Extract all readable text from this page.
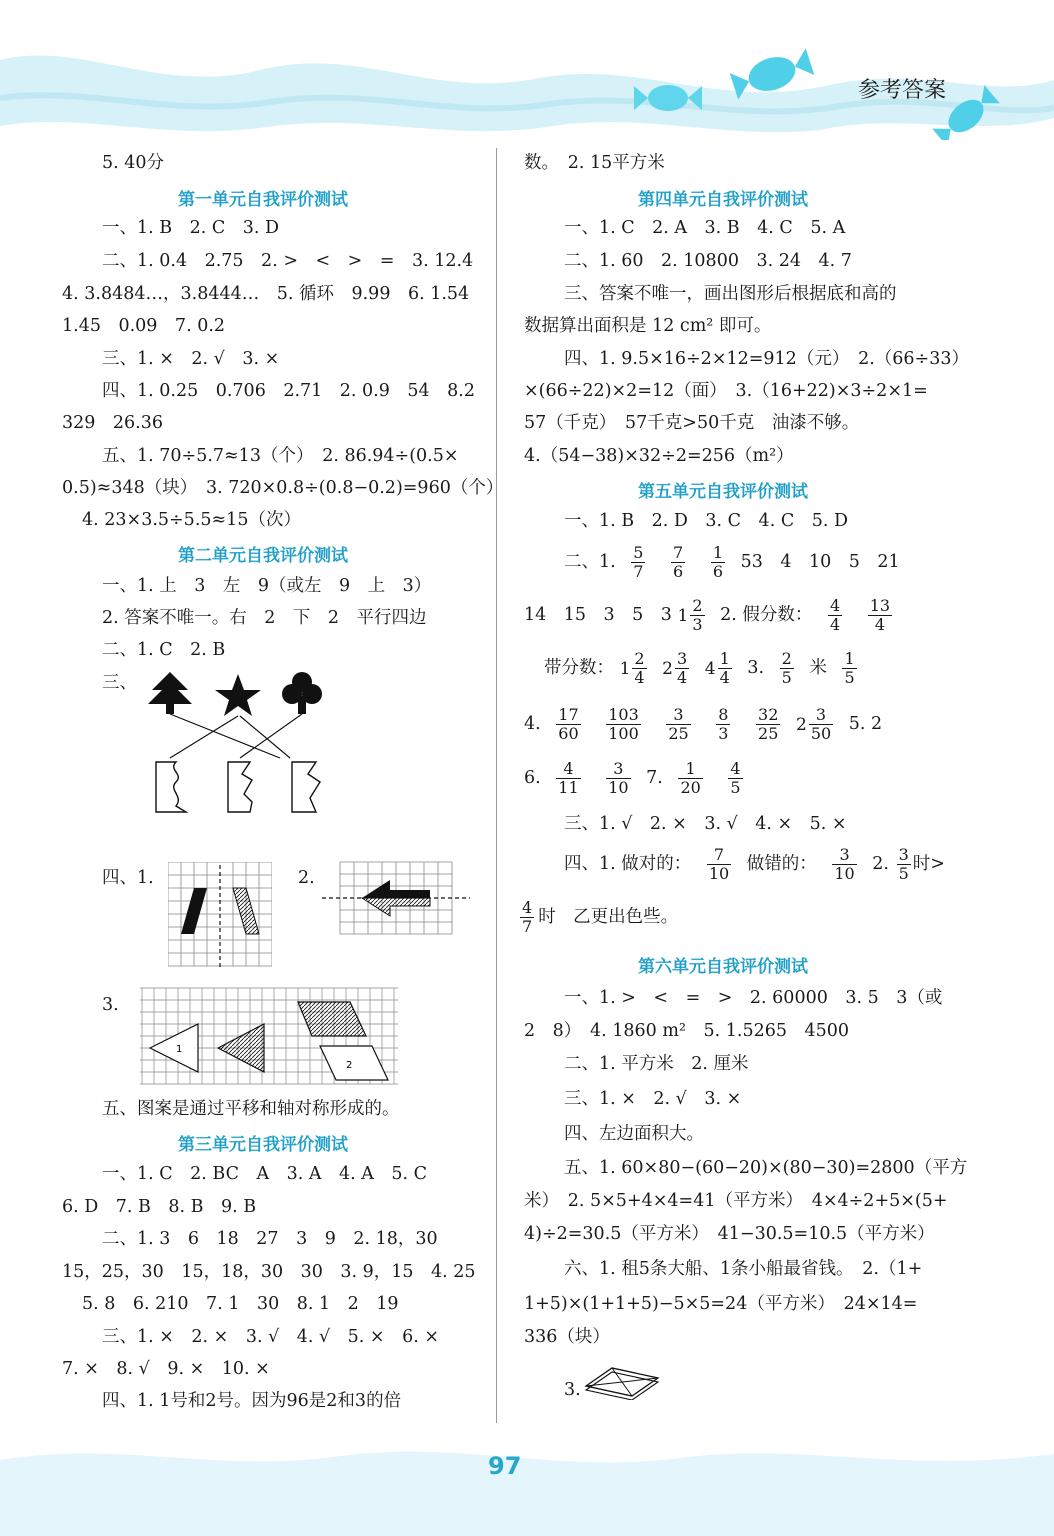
参考答案
5. 40分
第一单元自我评价测试
一、1. B　2. C　3. D
二、1. 0.4　2.75　2. >　<　>　=　3. 12.4
4. 3.8484…，3.8444…　5. 循环　9.99　6. 1.54
1.45　0.09　7. 0.2
三、1. ×　2. √　3. ×
四、1. 0.25　0.706　2.71　2. 0.9　54　8.2
329　26.36
五、1. 70÷5.7≈13（个）　2. 86.94÷(0.5×
0.5)≈348（块）　3. 720×0.8÷(0.8−0.2)=960（个）
4. 23×3.5÷5.5≈15（次）
第二单元自我评价测试
一、1. 上　3　左　9（或左　9　上　3）
2. 答案不唯一。右　2　下　2　平行四边
二、1. C　2. B
三、
四、1.	2.
3.
1
2
五、图案是通过平移和轴对称形成的。
第三单元自我评价测试
一、1. C　2. BC　A　3. A　4. A　5. C
6. D　7. B　8. B　9. B
二、1. 3　6　18　27　3　9　2. 18，30
15，25，30　15，18，30　30　3. 9，15　4. 25
5. 8　6. 210　7. 1　30　8. 1　2　19
三、1. ×　2. ×　3. √　4. √　5. ×　6. ×
7. ×　8. √　9. ×　10. ×
四、1. 1号和2号。因为96是2和3的倍
数。　2. 15平方米
第四单元自我评价测试
一、1. C　2. A　3. B　4. C　5. A
二、1. 60　2. 10800　3. 24　4. 7
三、答案不唯一，画出图形后根据底和高的
数据算出面积是 12 cm² 即可。
四、1. 9.5×16÷2×12=912（元）　2.（66÷33）
×(66÷22)×2=12（面）　3.（16+22)×3÷2×1=
57（千克）　57千克>50千克　油漆不够。
4.（54−38)×32÷2=256（m²）
第五单元自我评价测试
一、1. B　2. D　3. C　4. C　5. D
二、1. $\frac{5}{7}$
$\frac{7}{6}$
$\frac{1}{6} 53$　4　10　5　21
14　15　3　5　3 $1 \frac{2}{3} 2$. 假分数： $\frac{4}{4}$
$\frac{13}{4}$
带分数： $1 \frac{2}{4} 2 \frac{3}{4} 4 \frac{1}{4} 3$. $\frac{2}{5}$ 米 $\frac{1}{5}$
4. $\frac{17}{60}$
$\frac{103}{100}$
$\frac{3}{25}$
$\frac{8}{3}$
$\frac{32}{25} 2 \frac{3}{50} 5$. 2
6. $\frac{4}{11}$
$\frac{3}{10} 7$. $\frac{1}{20}$
$\frac{4}{5}$
三、1. √　2. ×　3. √　4. ×　5. ×
四、1. 做对的： $\frac{7}{10}$ 做错的： $\frac{3}{10} 2$. $\frac{3}{5}$ 时>
$\frac{4}{7}$ 时　乙更出色些。
第六单元自我评价测试
一、1. >　<　=　>　2. 60000　3. 5　3（或
2　8）　4. 1860 m²　5. 1.5265　4500
二、1. 平方米　2. 厘米
三、1. ×　2. √　3. ×
四、左边面积大。
五、1. 60×80−(60−20)×(80−30)=2800（平方
米）　2. 5×5+4×4=41（平方米）　4×4÷2+5×(5+
4)÷2=30.5（平方米）　41−30.5=10.5（平方米）
六、1. 租5条大船、1条小船最省钱。　2.（1+
1+5)×(1+1+5)−5×5=24（平方米）　24×14=
336（块）
3.
97
